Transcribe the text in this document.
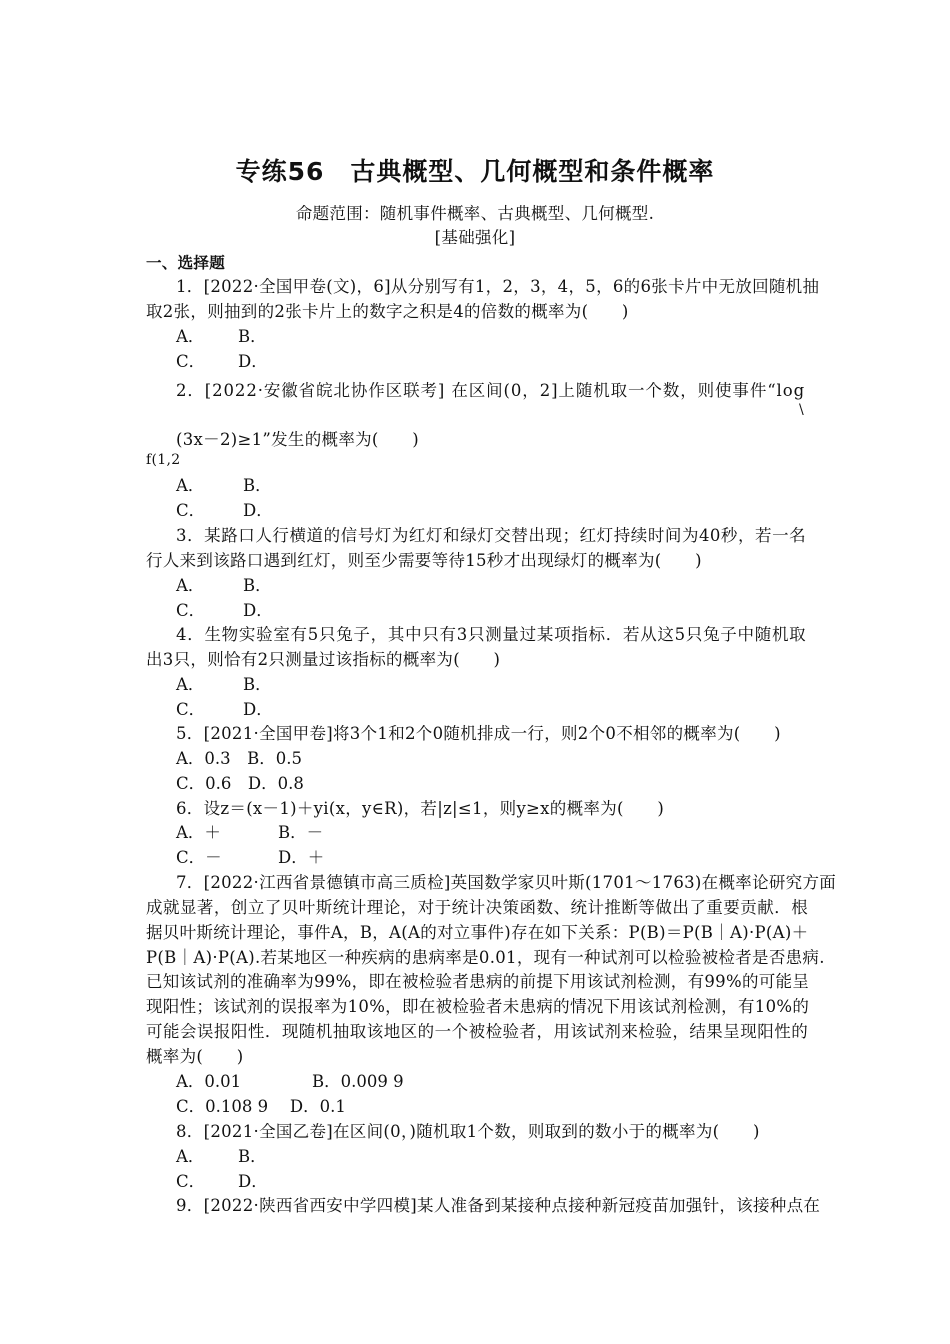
专练56　古典概型、几何概型和条件概率
命题范围：随机事件概率、古典概型、几何概型.
[基础强化]
一、选择题
1．[2022·全国甲卷(文)，6]从分别写有1，2，3，4，5，6的6张卡片中无放回随机抽
取2张，则抽到的2张卡片上的数字之积是4的倍数的概率为(　　)
A． B．
C． D．
2．[2022·安徽省皖北协作区联考] 在区间(0，2]上随机取一个数，则使事件“log
\
(3x－2)≥1”发生的概率为(　　)
f(1,2
A． B．
C． D．
3．某路口人行横道的信号灯为红灯和绿灯交替出现；红灯持续时间为40秒，若一名
行人来到该路口遇到红灯，则至少需要等待15秒才出现绿灯的概率为(　　)
A． B．
C． D．
4．生物实验室有5只兔子，其中只有3只测量过某项指标．若从这5只兔子中随机取
出3只，则恰有2只测量过该指标的概率为(　　)
A． B．
C． D．
5．[2021·全国甲卷]将3个1和2个0随机排成一行，则2个0不相邻的概率为(　　)
A．0.3　B．0.5
C．0.6　D．0.8
6．设z＝(x－1)＋yi(x，y∈R)，若|z|≤1，则y≥x的概率为(　　)
A．＋	B．－
C．－	D．＋
7．[2022·江西省景德镇市高三质检]英国数学家贝叶斯(1701～1763)在概率论研究方面
成就显著，创立了贝叶斯统计理论，对于统计决策函数、统计推断等做出了重要贡献．根
据贝叶斯统计理论，事件A，B，A(A的对立事件)存在如下关系：P(B)＝P(B｜A)·P(A)＋
P(B｜A)·P(A).若某地区一种疾病的患病率是0.01，现有一种试剂可以检验被检者是否患病.
已知该试剂的准确率为99%，即在被检验者患病的前提下用该试剂检测，有99%的可能呈
现阳性；该试剂的误报率为10%，即在被检验者未患病的情况下用该试剂检测，有10%的
可能会误报阳性．现随机抽取该地区的一个被检验者，用该试剂来检验，结果呈现阳性的
概率为(　　)
A．0.01	B．0.009 9
C．0.108 9　 D．0.1
8．[2021·全国乙卷]在区间(0，)随机取1个数，则取到的数小于的概率为(　　)
A． B．
C． D．
9．[2022·陕西省西安中学四模]某人准备到某接种点接种新冠疫苗加强针，该接种点在
